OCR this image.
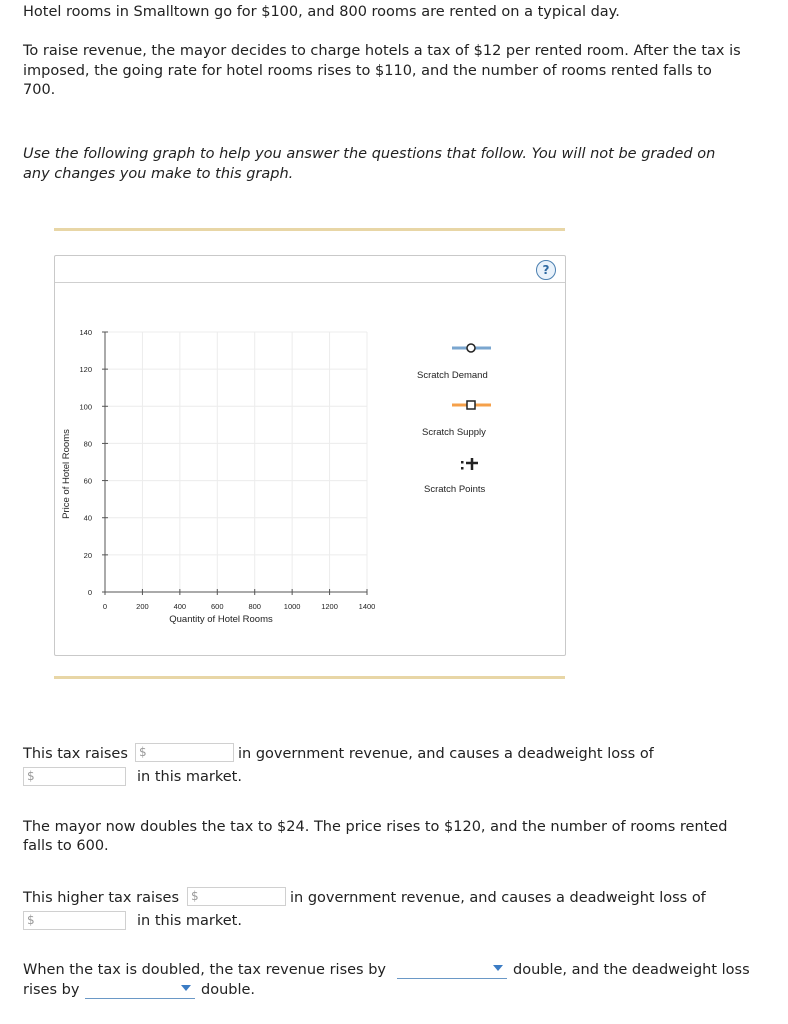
Hotel rooms in Smalltown go for $100, and 800 rooms are rented on a typical day.
To raise revenue, the mayor decides to charge hotels a tax of $12 per rented room. After the tax is
imposed, the going rate for hotel rooms rises to $110, and the number of rooms rented falls to
700.
Use the following graph to help you answer the questions that follow. You will not be graded on
any changes you make to this graph.
?
0	200	400	600	800	1000	1200	1400
0
20
40
60
80
100
120
140
Quantity of Hotel Rooms
Price of Hotel Rooms
Scratch Demand
Scratch Supply
Scratch Points
This tax raises $	in government revenue, and causes a deadweight loss of
$	in this market.
The mayor now doubles the tax to $24. The price rises to $120, and the number of rooms rented
falls to 600.
This higher tax raises $	in government revenue, and causes a deadweight loss of
$	in this market.
When the tax is doubled, the tax revenue rises by	double, and the deadweight loss
rises by	double.
